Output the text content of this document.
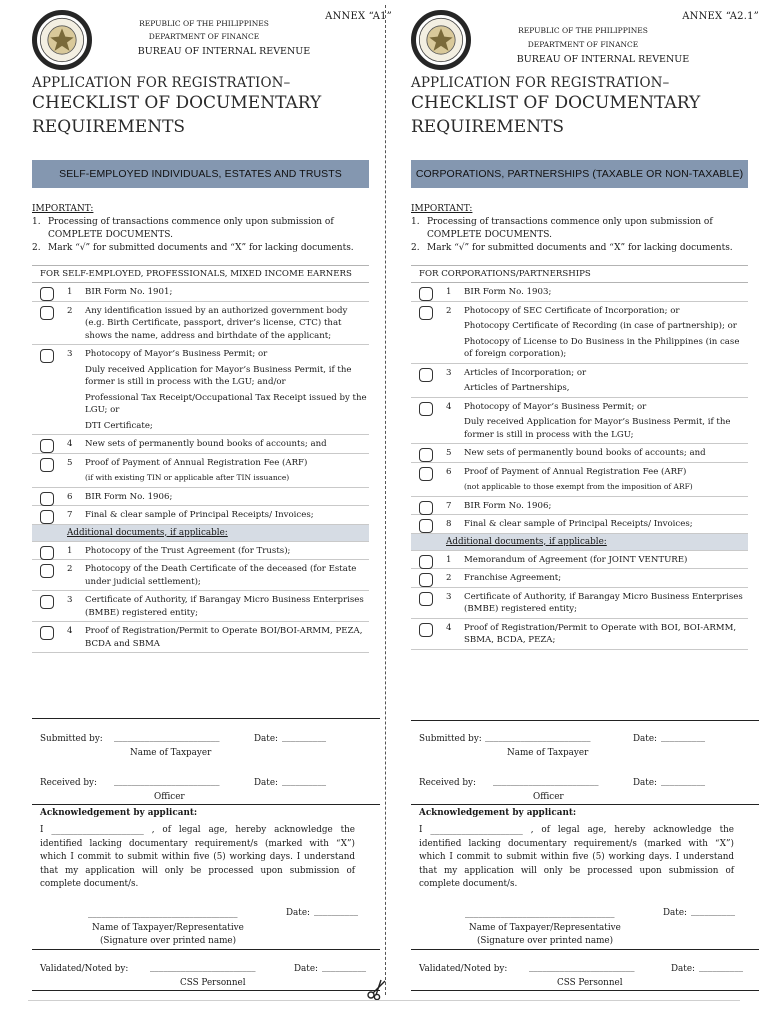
ANNEX “A1”
REPUBLIC OF THE PHILIPPINES
DEPARTMENT OF FINANCE
BUREAU OF INTERNAL REVENUE
APPLICATION FOR REGISTRATION–
CHECKLIST OF DOCUMENTARY
REQUIREMENTS
SELF-EMPLOYED INDIVIDUALS, ESTATES AND TRUSTS
IMPORTANT:
1. Processing of transactions commence only upon submission of
COMPLETE DOCUMENTS.
2. Mark “√” for submitted documents and “X” for lacking documents.
FOR SELF-EMPLOYED, PROFESSIONALS, MIXED INCOME EARNERS
1	BIR Form No. 1901;
2	Any identification issued by an authorized government body (e.g. Birth Certificate, passport, driver’s license, CTC) that shows the name, address and birthdate of the applicant;
3	Photocopy of Mayor’s Business Permit; or
Duly received Application for Mayor’s Business Permit, if the former is still in process with the LGU; and/or
Professional Tax Receipt/Occupational Tax Receipt issued by the LGU; or
DTI Certificate;
4	New sets of permanently bound books of accounts; and
5	Proof of Payment of Annual Registration Fee (ARF)
(if with existing TIN or applicable after TIN issuance)
6	BIR Form No. 1906;
7	Final & clear sample of Principal Receipts/ Invoices;
Additional documents, if applicable:
1	Photocopy of the Trust Agreement (for Trusts);
2	Photocopy of the Death Certificate of the deceased (for Estate under judicial settlement);
3	Certificate of Authority, if Barangay Micro Business Enterprises (BMBE) registered entity;
4	Proof of Registration/Permit to Operate BOI/BOI-ARMM, PEZA, BCDA and SBMA
Submitted by: ________________________
Name of Taxpayer
Date: __________
Received by: ________________________
Officer
Date: __________
Acknowledgement by applicant:
I _____________________ , of legal age, hereby acknowledge the identified lacking documentary requirement/s (marked with “X”) which I commit to submit within five (5) working days. I understand that my application will only be processed upon submission of complete document/s.
__________________________________	Date: __________
Name of Taxpayer/Representative
(Signature over printed name)
Validated/Noted by: ________________________
CSS Personnel
Date: __________
ANNEX “A2.1”
REPUBLIC OF THE PHILIPPINES
DEPARTMENT OF FINANCE
BUREAU OF INTERNAL REVENUE
APPLICATION FOR REGISTRATION–
CHECKLIST OF DOCUMENTARY
REQUIREMENTS
CORPORATIONS, PARTNERSHIPS (TAXABLE OR NON-TAXABLE)
IMPORTANT:
1. Processing of transactions commence only upon submission of
COMPLETE DOCUMENTS.
2. Mark “√” for submitted documents and “X” for lacking documents.
FOR CORPORATIONS/PARTNERSHIPS
1	BIR Form No. 1903;
2	Photocopy of SEC Certificate of Incorporation; or
Photocopy Certificate of Recording (in case of partnership); or
Photocopy of License to Do Business in the Philippines (in case of foreign corporation);
3	Articles of Incorporation; or
Articles of Partnerships,
4	Photocopy of Mayor’s Business Permit; or
Duly received Application for Mayor’s Business Permit, if the former is still in process with the LGU;
5	New sets of permanently bound books of accounts; and
6	Proof of Payment of Annual Registration Fee (ARF)
(not applicable to those exempt from the imposition of ARF)
7	BIR Form No. 1906;
8	Final & clear sample of Principal Receipts/ Invoices;
Additional documents, if applicable:
1	Memorandum of Agreement (for JOINT VENTURE)
2	Franchise Agreement;
3	Certificate of Authority, if Barangay Micro Business Enterprises (BMBE) registered entity;
4	Proof of Registration/Permit to Operate with BOI, BOI-ARMM, SBMA, BCDA, PEZA;
Submitted by: ________________________
Name of Taxpayer
Date: __________
Received by: ________________________
Officer
Date: __________
Acknowledgement by applicant:
I _____________________ , of legal age, hereby acknowledge the identified lacking documentary requirement/s (marked with “X”) which I commit to submit within five (5) working days. I understand that my application will only be processed upon submission of complete document/s.
__________________________________	Date: __________
Name of Taxpayer/Representative
(Signature over printed name)
Validated/Noted by: ________________________
CSS Personnel
Date: __________
